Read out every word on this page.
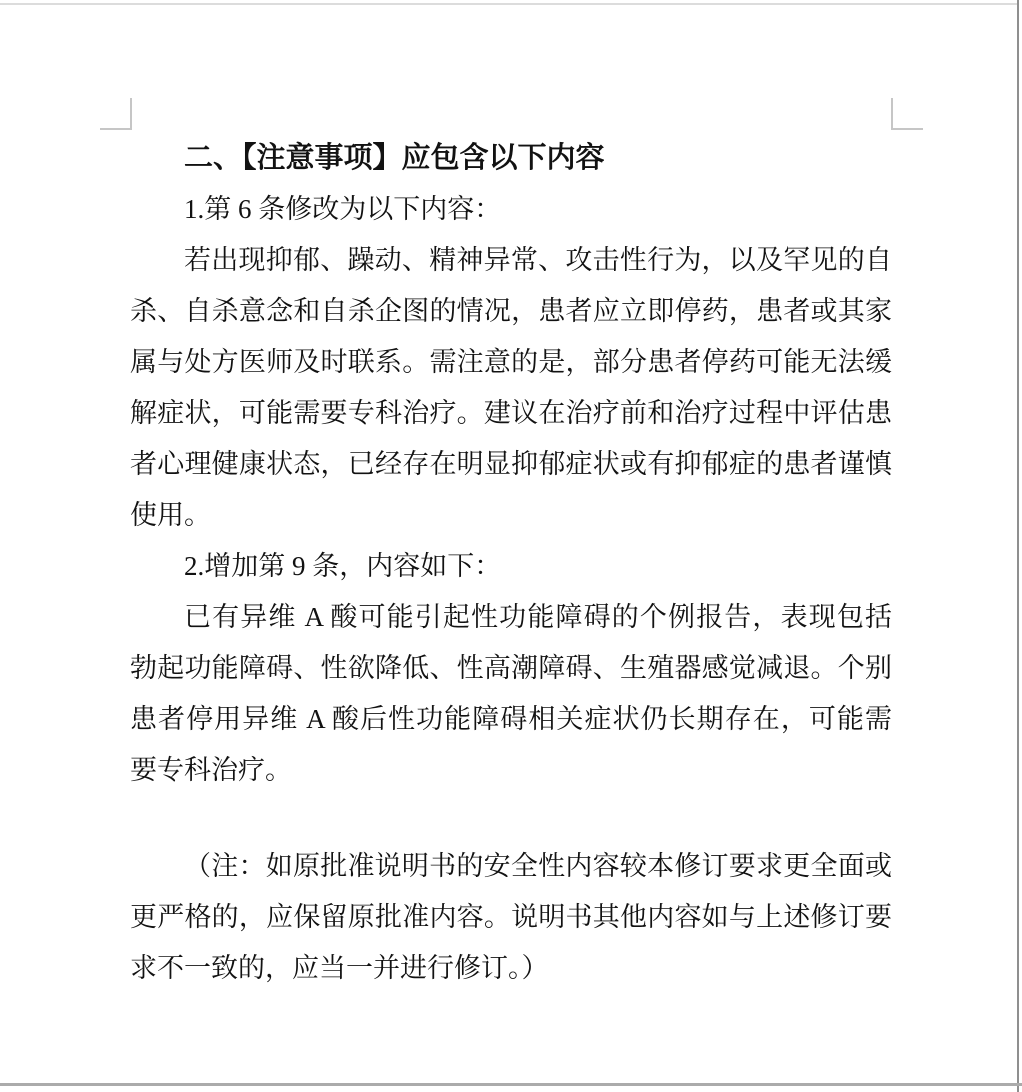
二、【注意事项】应包含以下内容
1.第 6 条修改为以下内容：
若出现抑郁、躁动、精神异常、攻击性行为，以及罕见的自
杀、自杀意念和自杀企图的情况，患者应立即停药，患者或其家
属与处方医师及时联系。需注意的是，部分患者停药可能无法缓
解症状，可能需要专科治疗。建议在治疗前和治疗过程中评估患
者心理健康状态，已经存在明显抑郁症状或有抑郁症的患者谨慎
使用。
2.增加第 9 条，内容如下：
已有异维 A 酸可能引起性功能障碍的个例报告，表现包括
勃起功能障碍、性欲降低、性高潮障碍、生殖器感觉减退。个别
患者停用异维 A 酸后性功能障碍相关症状仍长期存在，可能需
要专科治疗。
（注：如原批准说明书的安全性内容较本修订要求更全面或
更严格的，应保留原批准内容。说明书其他内容如与上述修订要
求不一致的，应当一并进行修订。）
